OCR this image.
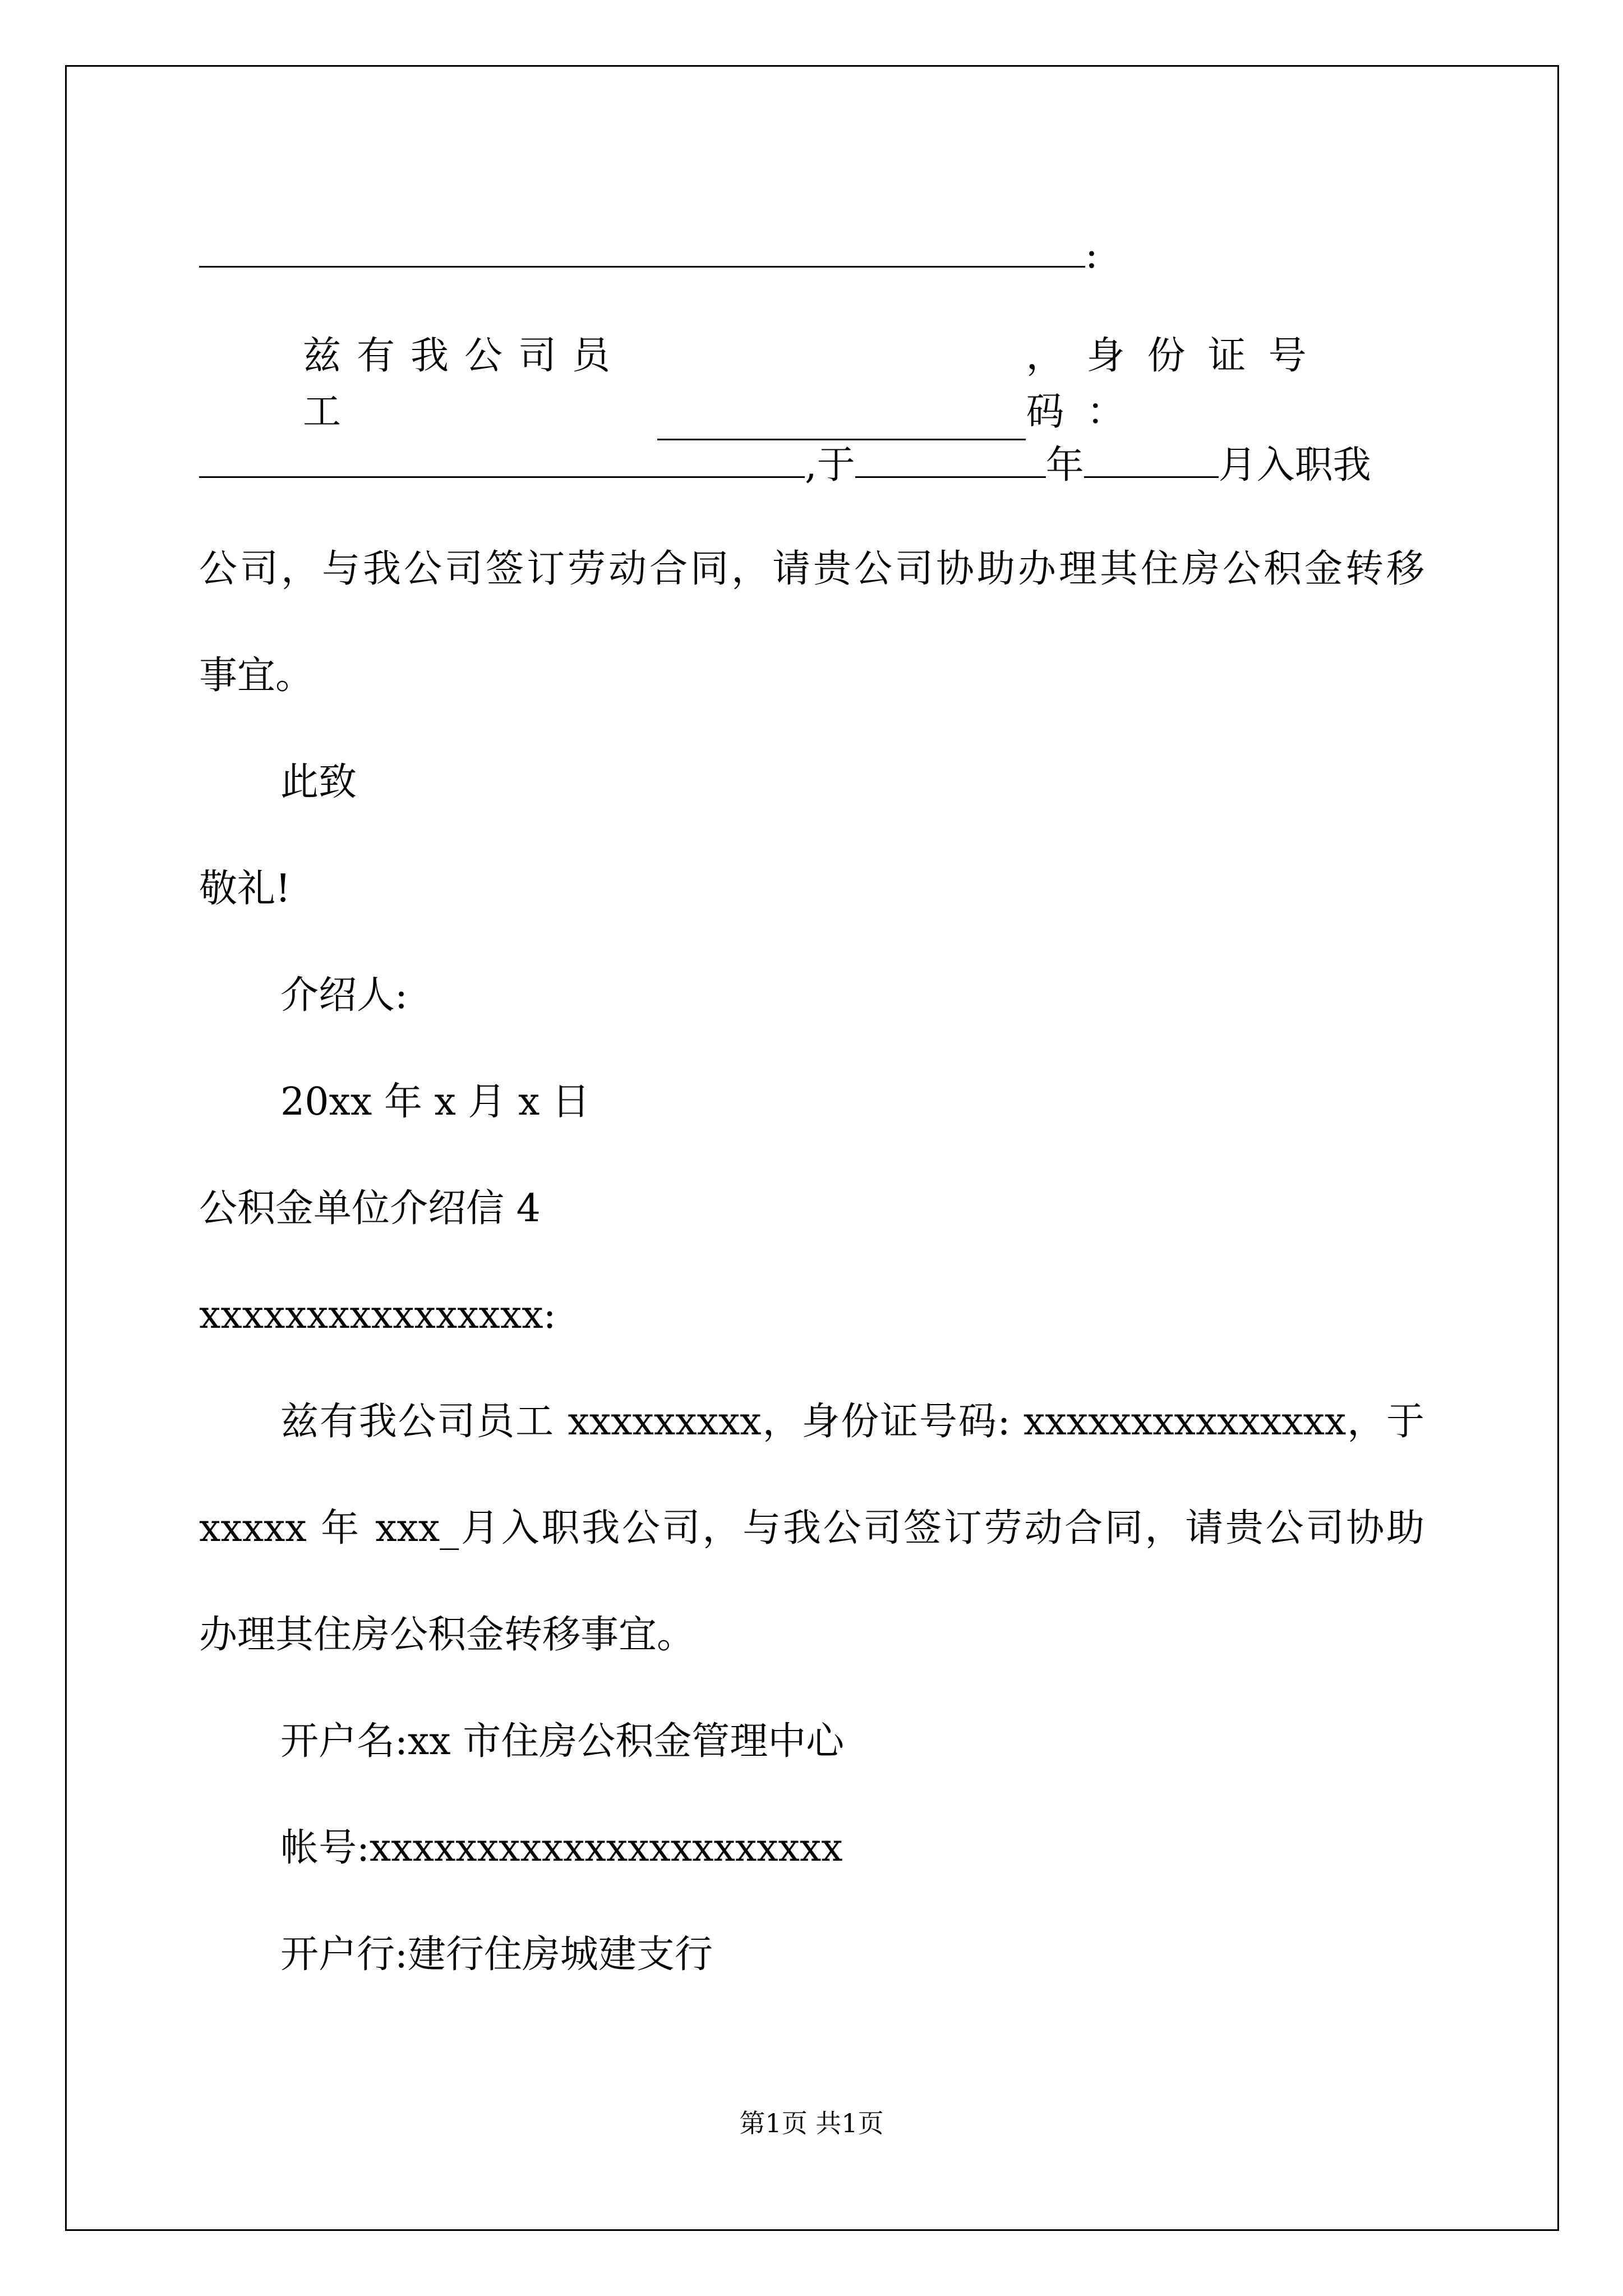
:
兹有我公司员工
，身份证号码：
,于	年	月入职我
公司，与我公司签订劳动合同，请贵公司协助办理其住房公积金转移
事宜。
此致
敬礼!
介绍人:
20xx 年 x 月 x 日
公积金单位介绍信 4
xxxxxxxxxxxxxxxx:
兹有我公司员工 xxxxxxxxx，身份证号码: xxxxxxxxxxxxxxx，于
xxxxx 年 xxx_月入职我公司，与我公司签订劳动合同，请贵公司协助
办理其住房公积金转移事宜。
开户名:xx 市住房公积金管理中心
帐号:xxxxxxxxxxxxxxxxxxxxxx
开户行:建行住房城建支行
第1页 共1页
